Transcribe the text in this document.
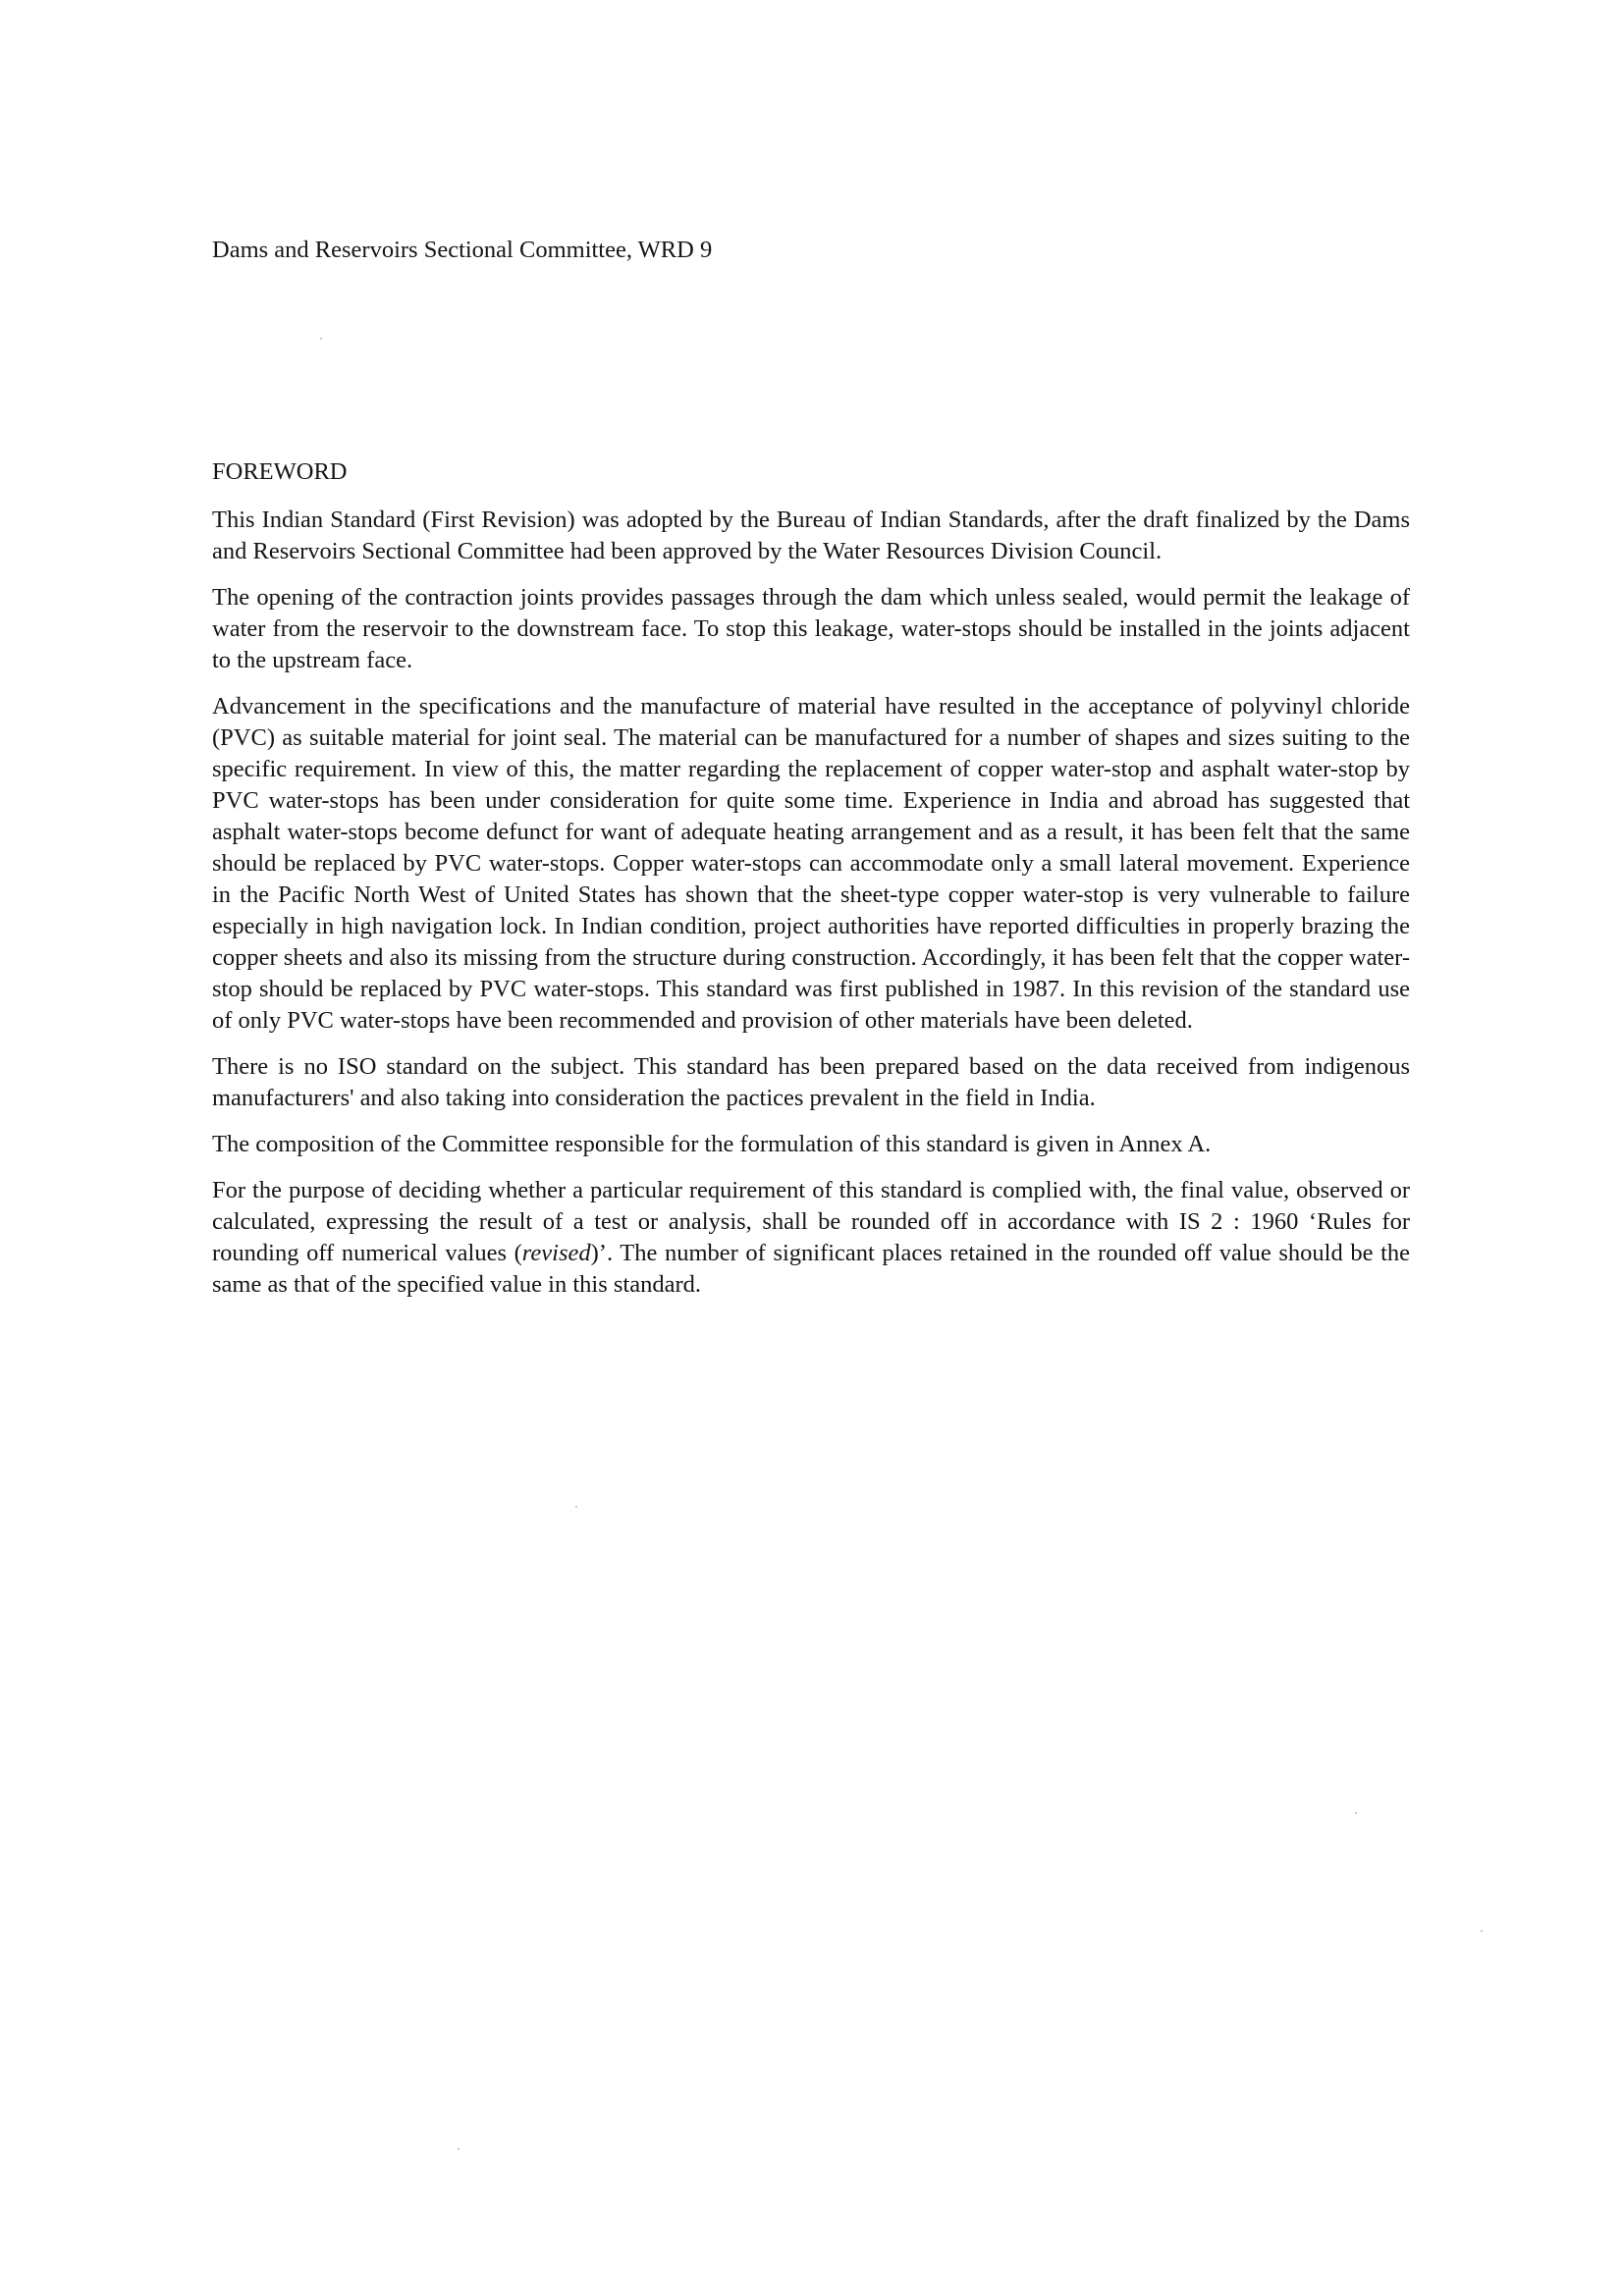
Dams and Reservoirs Sectional Committee, WRD 9
FOREWORD

This Indian Standard (First Revision) was adopted by the Bureau of Indian Standards, after the draft finalized by the Dams and Reservoirs Sectional Committee had been approved by the Water Resources Division Council.

The opening of the contraction joints provides passages through the dam which unless sealed, would permit the leakage of water from the reservoir to the downstream face. To stop this leakage, water-stops should be installed in the joints adjacent to the upstream face.

Advancement in the specifications and the manufacture of material have resulted in the acceptance of polyvinyl chloride (PVC) as suitable material for joint seal. The material can be manufactured for a number of shapes and sizes suiting to the specific requirement. In view of this, the matter regarding the replacement of copper water-stop and asphalt water-stop by PVC water-stops has been under consideration for quite some time. Experience in India and abroad has suggested that asphalt water-stops become defunct for want of adequate heating arrangement and as a result, it has been felt that the same should be replaced by PVC water-stops. Copper water-stops can accommodate only a small lateral movement. Experience in the Pacific North West of United States has shown that the sheet-type copper water-stop is very vulnerable to failure especially in high navigation lock. In Indian condition, project authorities have reported difficulties in properly brazing the copper sheets and also its missing from the structure during construction. Accordingly, it has been felt that the copper water-stop should be replaced by PVC water-stops. This standard was first published in 1987. In this revision of the standard use of only PVC water-stops have been recommended and provision of other materials have been deleted.

There is no ISO standard on the subject. This standard has been prepared based on the data received from indigenous manufacturers' and also taking into consideration the pactices prevalent in the field in India.

The composition of the Committee responsible for the formulation of this standard is given in Annex A.

For the purpose of deciding whether a particular requirement of this standard is complied with, the final value, observed or calculated, expressing the result of a test or analysis, shall be rounded off in accordance with IS 2 : 1960 ‘Rules for rounding off numerical values (revised)’. The number of significant places retained in the rounded off value should be the same as that of the specified value in this standard.
